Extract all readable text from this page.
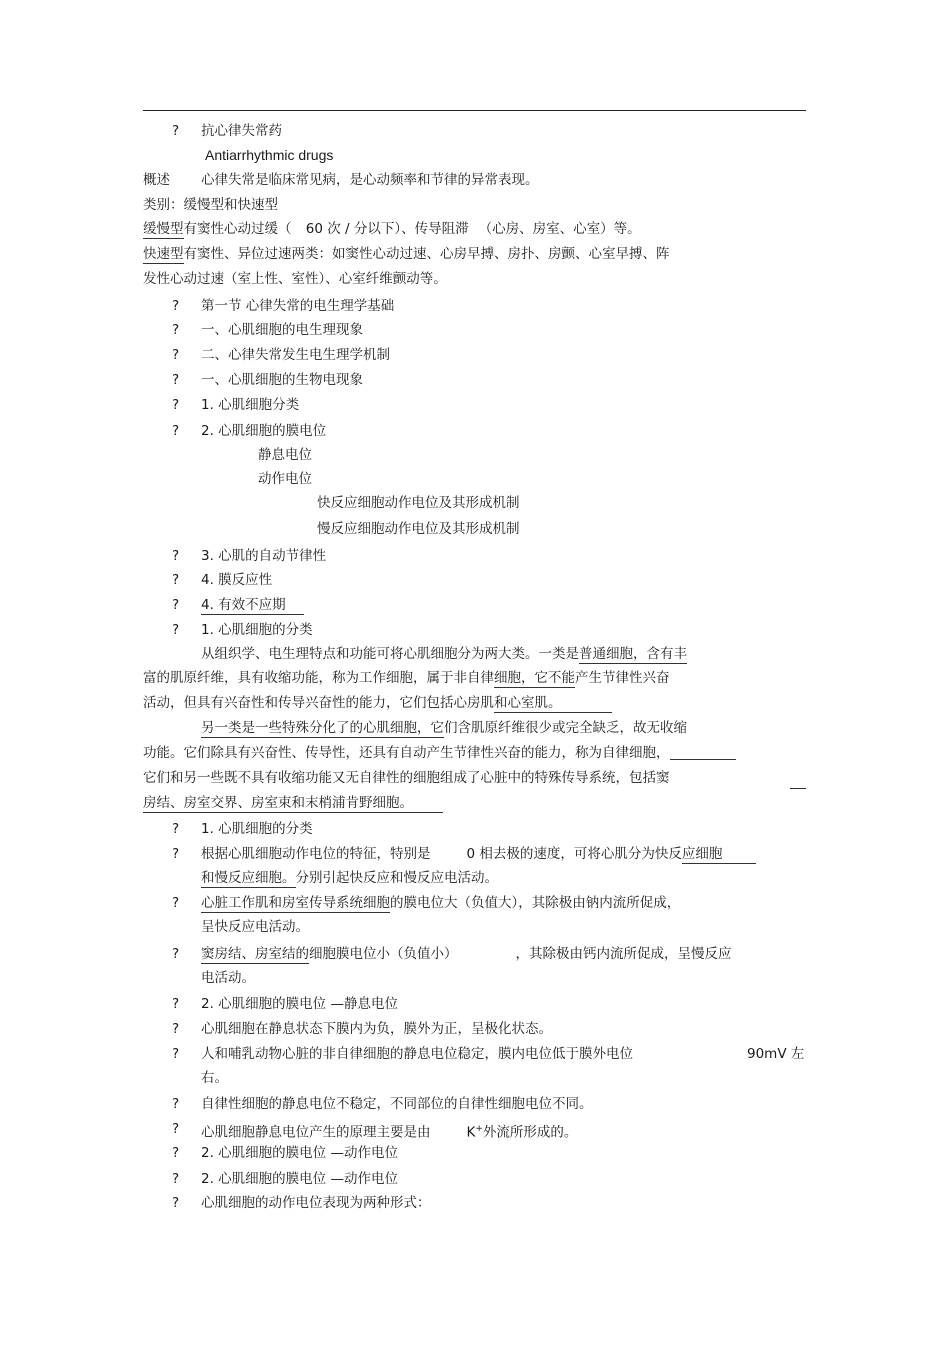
? 抗心律失常药
Antiarrhythmic drugs
概述 心律失常是临床常见病，是心动频率和节律的异常表现。
类别：缓慢型和快速型
缓慢型有窦性心动过缓（ 60 次 / 分以下）、传导阻滞 （心房、房室、心室）等。
快速型有窦性、异位过速两类：如窦性心动过速、心房早搏、房扑、房颤、心室早搏、阵
发性心动过速（室上性、室性）、心室纤维颤动等。
? 第一节 心律失常的电生理学基础
? 一、心肌细胞的电生理现象
? 二、心律失常发生电生理学机制
? 一、心肌细胞的生物电现象
? 1. 心肌细胞分类
? 2. 心肌细胞的膜电位
静息电位
动作电位
快反应细胞动作电位及其形成机制
慢反应细胞动作电位及其形成机制
? 3. 心肌的自动节律性
? 4. 膜反应性
? 4. 有效不应期
? 1. 心肌细胞的分类
从组织学、电生理特点和功能可将心肌细胞分为两大类。一类是普通细胞，含有丰
富的肌原纤维，具有收缩功能，称为工作细胞，属于非自律细胞，它不能产生节律性兴奋
活动，但具有兴奋性和传导兴奋性的能力，它们包括心房肌和心室肌。
另一类是一些特殊分化了的心肌细胞，它们含肌原纤维很少或完全缺乏，故无收缩
功能。它们除具有兴奋性、传导性，还具有自动产生节律性兴奋的能力，称为自律细胞，
它们和另一些既不具有收缩功能又无自律性的细胞组成了心脏中的特殊传导系统，包括窦
房结、房室交界、房室束和末梢浦肯野细胞。
? 1. 心肌细胞的分类
? 根据心肌细胞动作电位的特征，特别是	0 相去极的速度，可将心肌分为快反应细胞
和慢反应细胞。分别引起快反应和慢反应电活动。
? 心脏工作肌和房室传导系统细胞的膜电位大（负值大），其除极由钠内流所促成，
呈快反应电活动。
? 窦房结、房室结的细胞膜电位小（负值小）	，其除极由钙内流所促成，呈慢反应
电活动。
? 2. 心肌细胞的膜电位 —静息电位
? 心肌细胞在静息状态下膜内为负，膜外为正，呈极化状态。
? 人和哺乳动物心脏的非自律细胞的静息电位稳定，膜内电位低于膜外电位	90mV 左
右。
? 自律性细胞的静息电位不稳定，不同部位的自律性细胞电位不同。
? 心肌细胞静息电位产生的原理主要是由	K+外流所形成的。
? 2. 心肌细胞的膜电位 —动作电位
? 2. 心肌细胞的膜电位 —动作电位
? 心肌细胞的动作电位表现为两种形式：
